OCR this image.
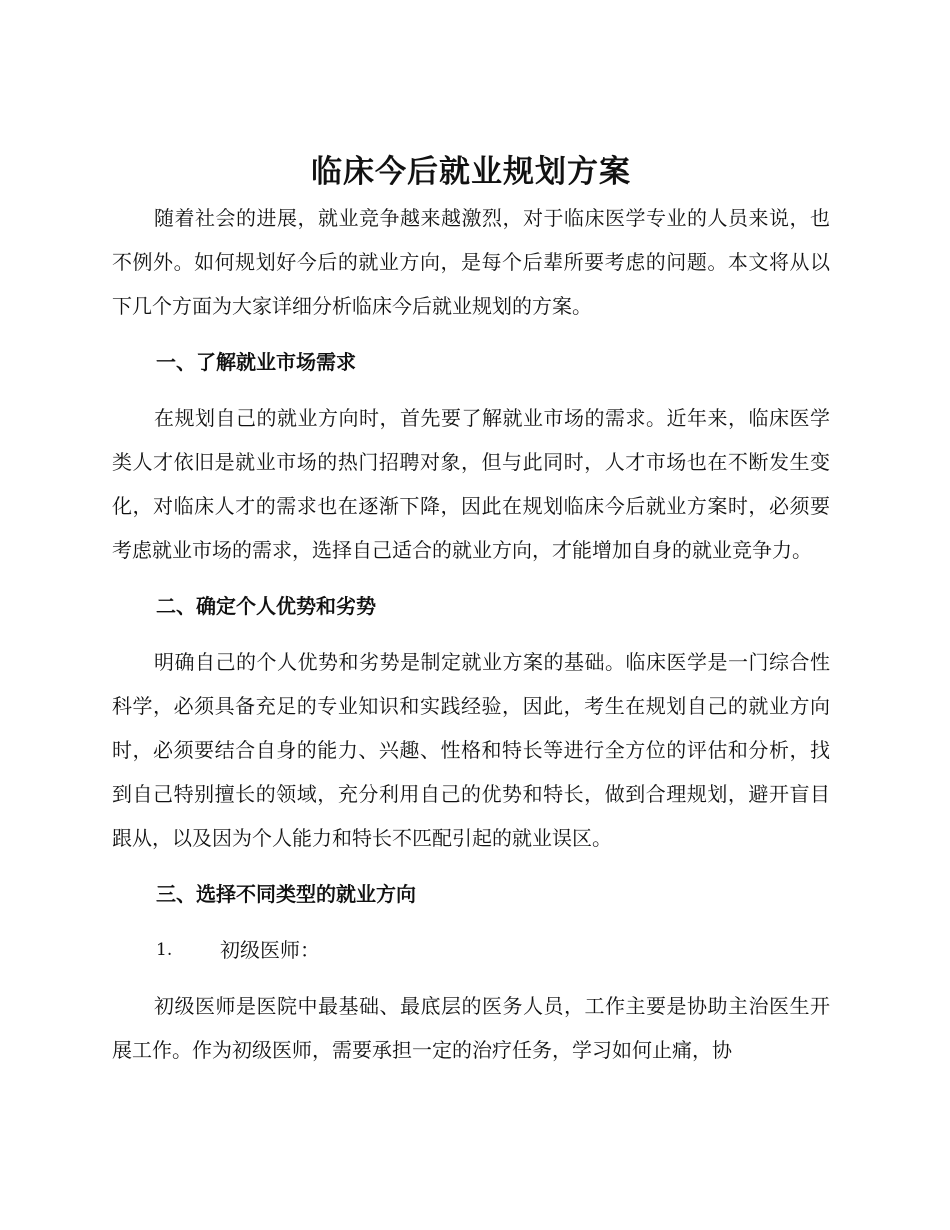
临床今后就业规划方案

随着社会的进展，就业竞争越来越激烈，对于临床医学专业的人员来说，也不例外。如何规划好今后的就业方向，是每个后辈所要考虑的问题。本文将从以下几个方面为大家详细分析临床今后就业规划的方案。

一、了解就业市场需求

在规划自己的就业方向时，首先要了解就业市场的需求。近年来，临床医学类人才依旧是就业市场的热门招聘对象，但与此同时，人才市场也在不断发生变化，对临床人才的需求也在逐渐下降，因此在规划临床今后就业方案时，必须要考虑就业市场的需求，选择自己适合的就业方向，才能增加自身的就业竞争力。

二、确定个人优势和劣势

明确自己的个人优势和劣势是制定就业方案的基础。临床医学是一门综合性科学，必须具备充足的专业知识和实践经验，因此，考生在规划自己的就业方向时，必须要结合自身的能力、兴趣、性格和特长等进行全方位的评估和分析，找到自己特别擅长的领域，充分利用自己的优势和特长，做到合理规划，避开盲目跟从，以及因为个人能力和特长不匹配引起的就业误区。

三、选择不同类型的就业方向
1.	初级医师：

初级医师是医院中最基础、最底层的医务人员，工作主要是协助主治医生开展工作。作为初级医师，需要承担一定的治疗任务，学习如何止痛，协
